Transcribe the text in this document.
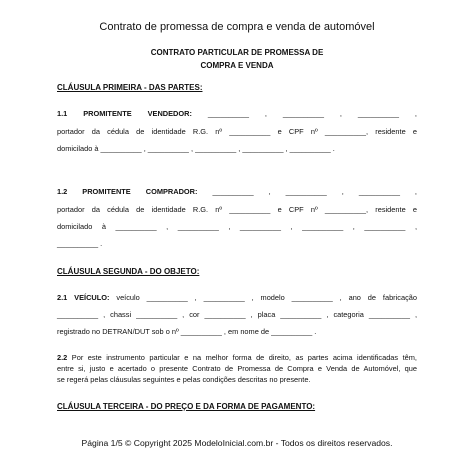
Contrato de promessa de compra e venda de automóvel
CONTRATO PARTICULAR DE PROMESSA DE
COMPRA E VENDA
CLÁUSULA PRIMEIRA - DAS PARTES:
1.1 PROMITENTE VENDEDOR: __________ , __________ , __________ ,
portador da cédula de identidade R.G. nº __________ e CPF nº __________, residente e
domicilado à __________ , __________ , __________ , __________ , __________ .
1.2 PROMITENTE COMPRADOR: __________ , __________ , __________ ,
portador da cédula de identidade R.G. nº __________ e CPF nº __________, residente e
domicilado à __________ , __________ , __________ , __________ , __________ ,
__________ .
CLÁUSULA SEGUNDA - DO OBJETO:
2.1 VEÍCULO: veículo __________ , __________ , modelo __________ , ano de fabricação
__________ , chassi __________ , cor __________ , placa __________ , categoria __________ ,
registrado no DETRAN/DUT sob o nº __________ , em nome de __________ .
2.2 Por este instrumento particular e na melhor forma de direito, as partes acima identificadas têm,
entre si, justo e acertado o presente Contrato de Promessa de Compra e Venda de Automóvel, que
se regerá pelas cláusulas seguintes e pelas condições descritas no presente.
CLÁUSULA TERCEIRA - DO PREÇO E DA FORMA DE PAGAMENTO:
Página 1/5 © Copyright 2025 ModeloInicial.com.br - Todos os direitos reservados.
